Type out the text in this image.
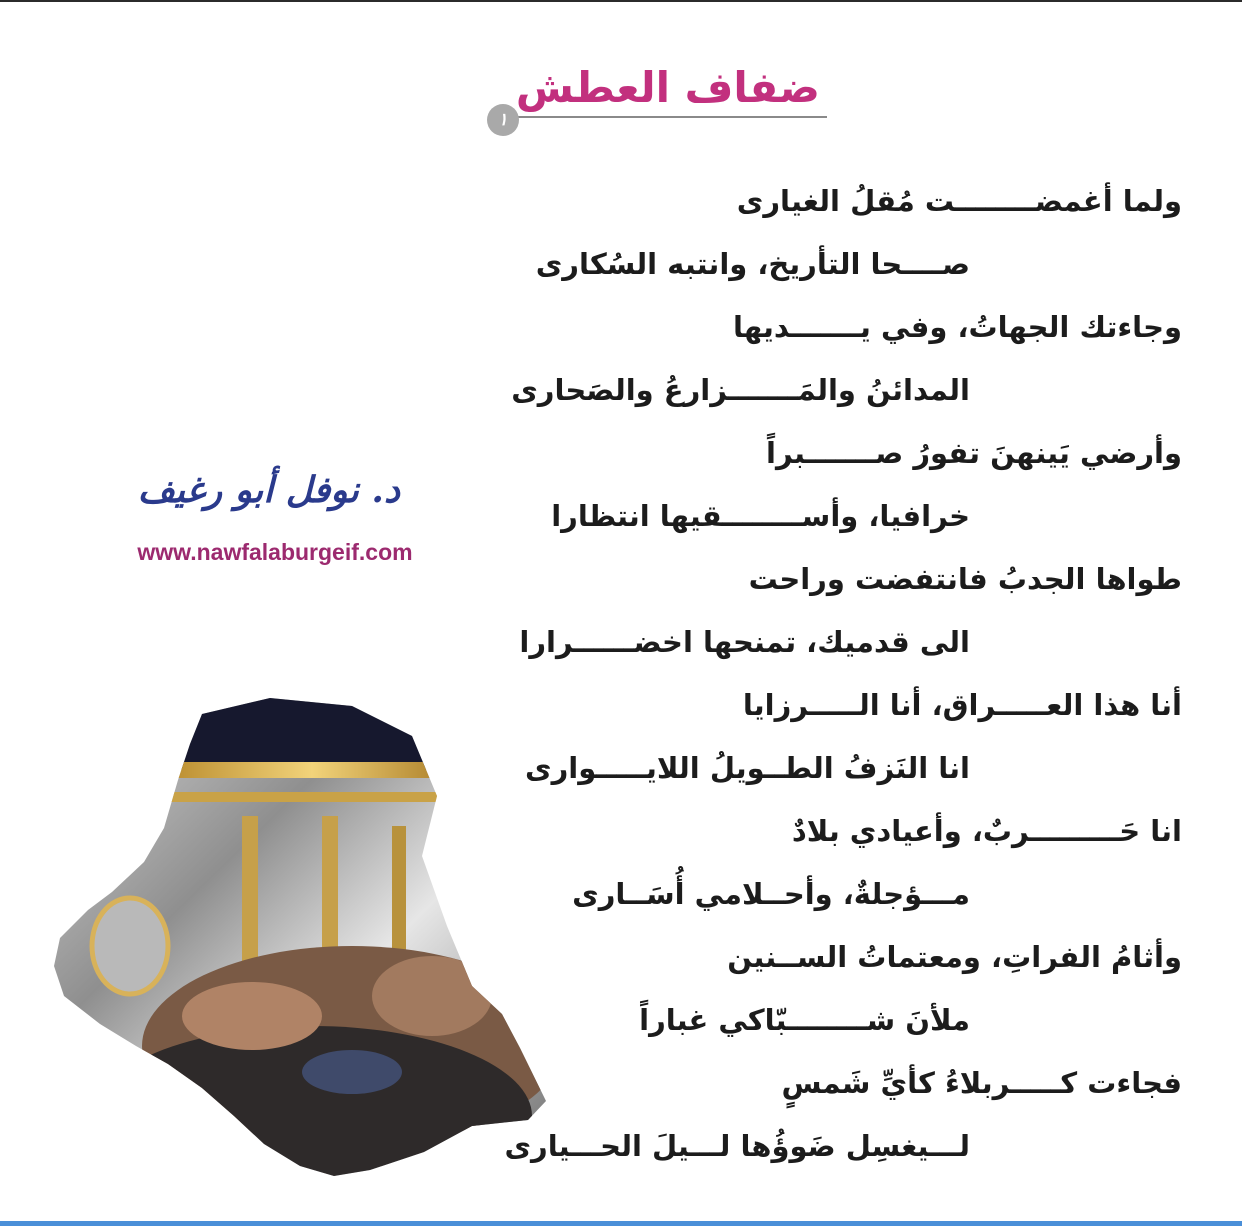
ضفاف العطش
١
ولما أغمضــــــــت مُقلُ الغيارى
صــــحا التأريخ، وانتبه السُكارى
وجاءتك الجهاتُ، وفي يـــــــديها
المدائنُ والمَـــــــزارعُ والصَحارى
وأرضي يَينهنَ تفورُ صـــــــبراً
خرافيا، وأســــــــقيها انتظارا
طواها الجدبُ فانتفضت وراحت
الى قدميك، تمنحها اخضــــــرارا
أنا هذا العـــــراق، أنا الـــــرزايا
انا النَزفُ الطــويلُ اللايـــــوارى
انا حَـــــــــربٌ، وأعيادي بلادٌ
مـــؤجلةٌ، وأحــلامي أُسَــارى
وأثامُ الفراتِ، ومعتماتُ الســنين
ملأنَ شــــــــبّاكي غباراً
فجاءت كـــــربلاءُ كأيِّ شَمسٍ
لـــيغسِل ضَوؤُها لـــيلَ الحـــيارى
د. نوفل أبو رغيف
www.nawfalaburgeif.com
